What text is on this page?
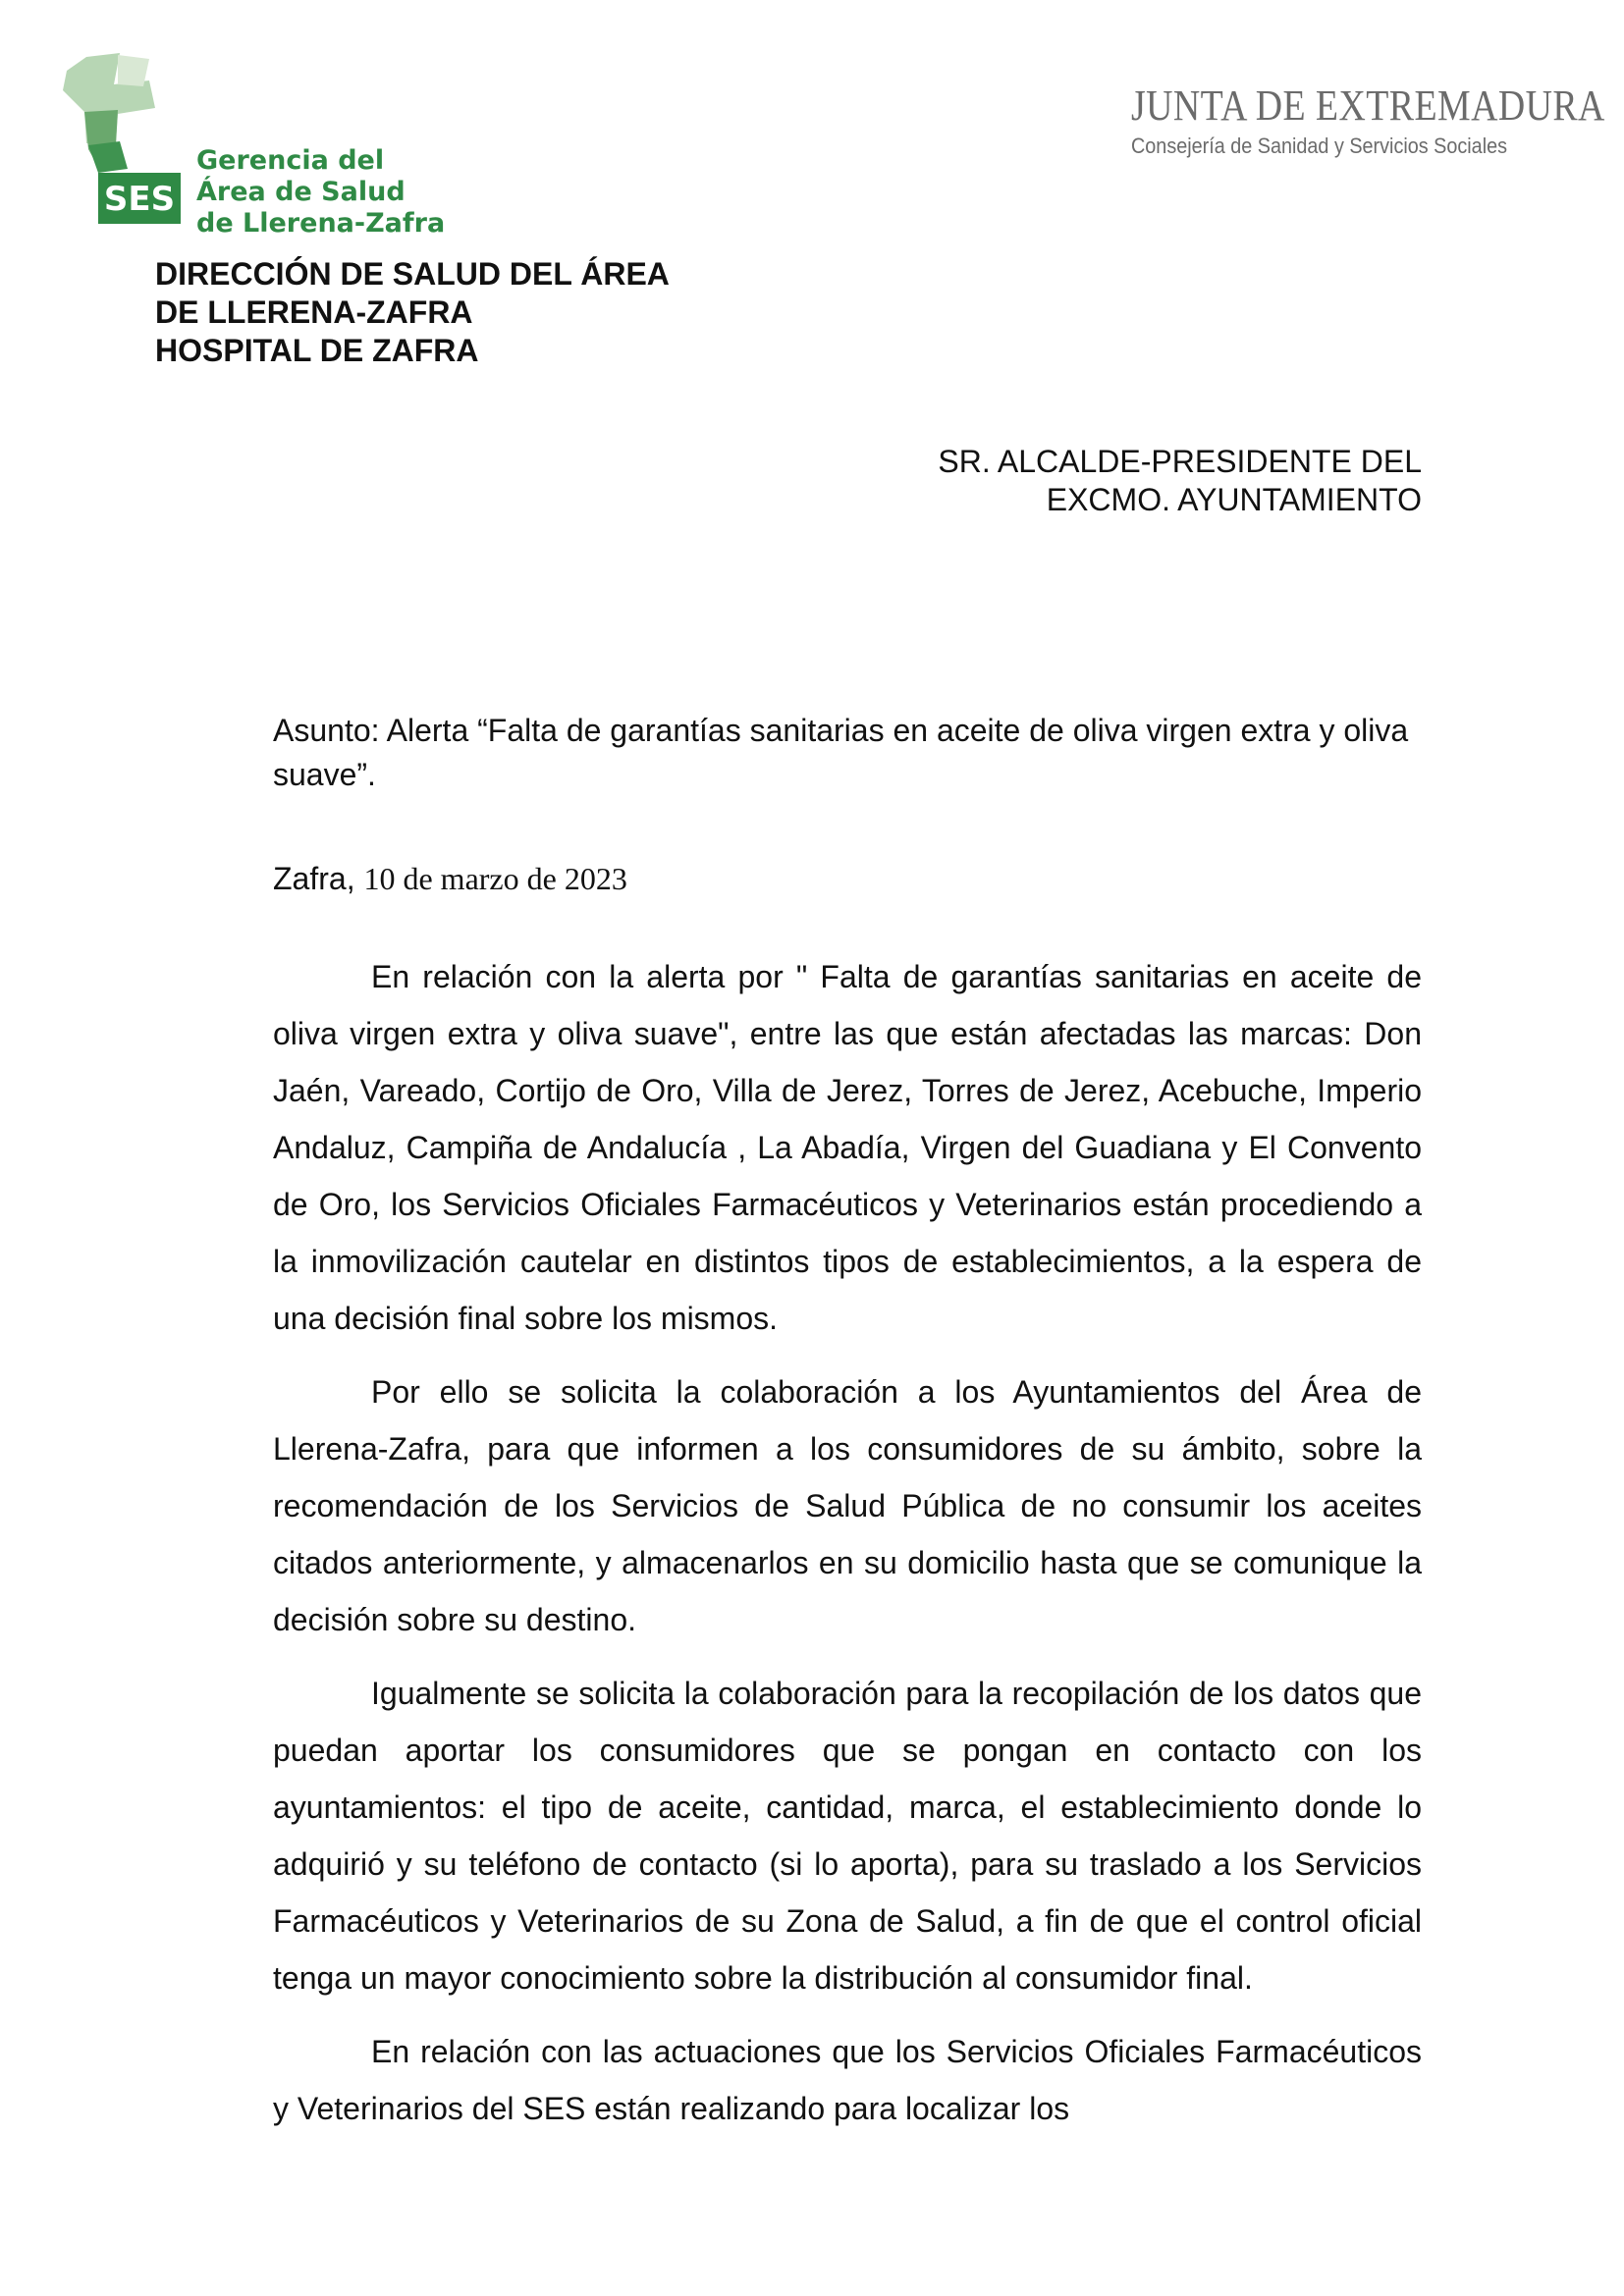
SES
Gerencia del
Área de Salud
de Llerena-Zafra
JUNTA DE EXTREMADURA
Consejería de Sanidad y Servicios Sociales
DIRECCIÓN DE SALUD DEL ÁREA
DE LLERENA-ZAFRA
HOSPITAL DE ZAFRA
SR. ALCALDE-PRESIDENTE DEL
EXCMO. AYUNTAMIENTO
Asunto: Alerta “Falta de garantías sanitarias en aceite de oliva virgen extra y oliva suave”.
Zafra, 10 de marzo de 2023

En relación con la alerta por " Falta de garantías sanitarias en aceite de oliva virgen extra y oliva suave", entre las que están afectadas las marcas: Don Jaén, Vareado, Cortijo de Oro, Villa de Jerez, Torres de Jerez, Acebuche, Imperio Andaluz, Campiña de Andalucía , La Abadía, Virgen del Guadiana y El Convento de Oro, los Servicios Oficiales Farmacéuticos y Veterinarios están procediendo a la inmovilización cautelar en distintos tipos de establecimientos, a la espera de una decisión final sobre los mismos.

Por ello se solicita la colaboración a los Ayuntamientos del Área de Llerena-Zafra, para que informen a los consumidores de su ámbito, sobre la recomendación de los Servicios de Salud Pública de no consumir los aceites citados anteriormente, y almacenarlos en su domicilio hasta que se comunique la decisión sobre su destino.

Igualmente se solicita la colaboración para la recopilación de los datos que puedan aportar los consumidores que se pongan en contacto con los ayuntamientos: el tipo de aceite, cantidad, marca, el establecimiento donde lo adquirió y su teléfono de contacto (si lo aporta), para su traslado a los Servicios Farmacéuticos y Veterinarios de su Zona de Salud, a fin de que el control oficial tenga un mayor conocimiento sobre la distribución al consumidor final.

En relación con las actuaciones que los Servicios Oficiales Farmacéuticos y Veterinarios del SES están realizando para localizar los
